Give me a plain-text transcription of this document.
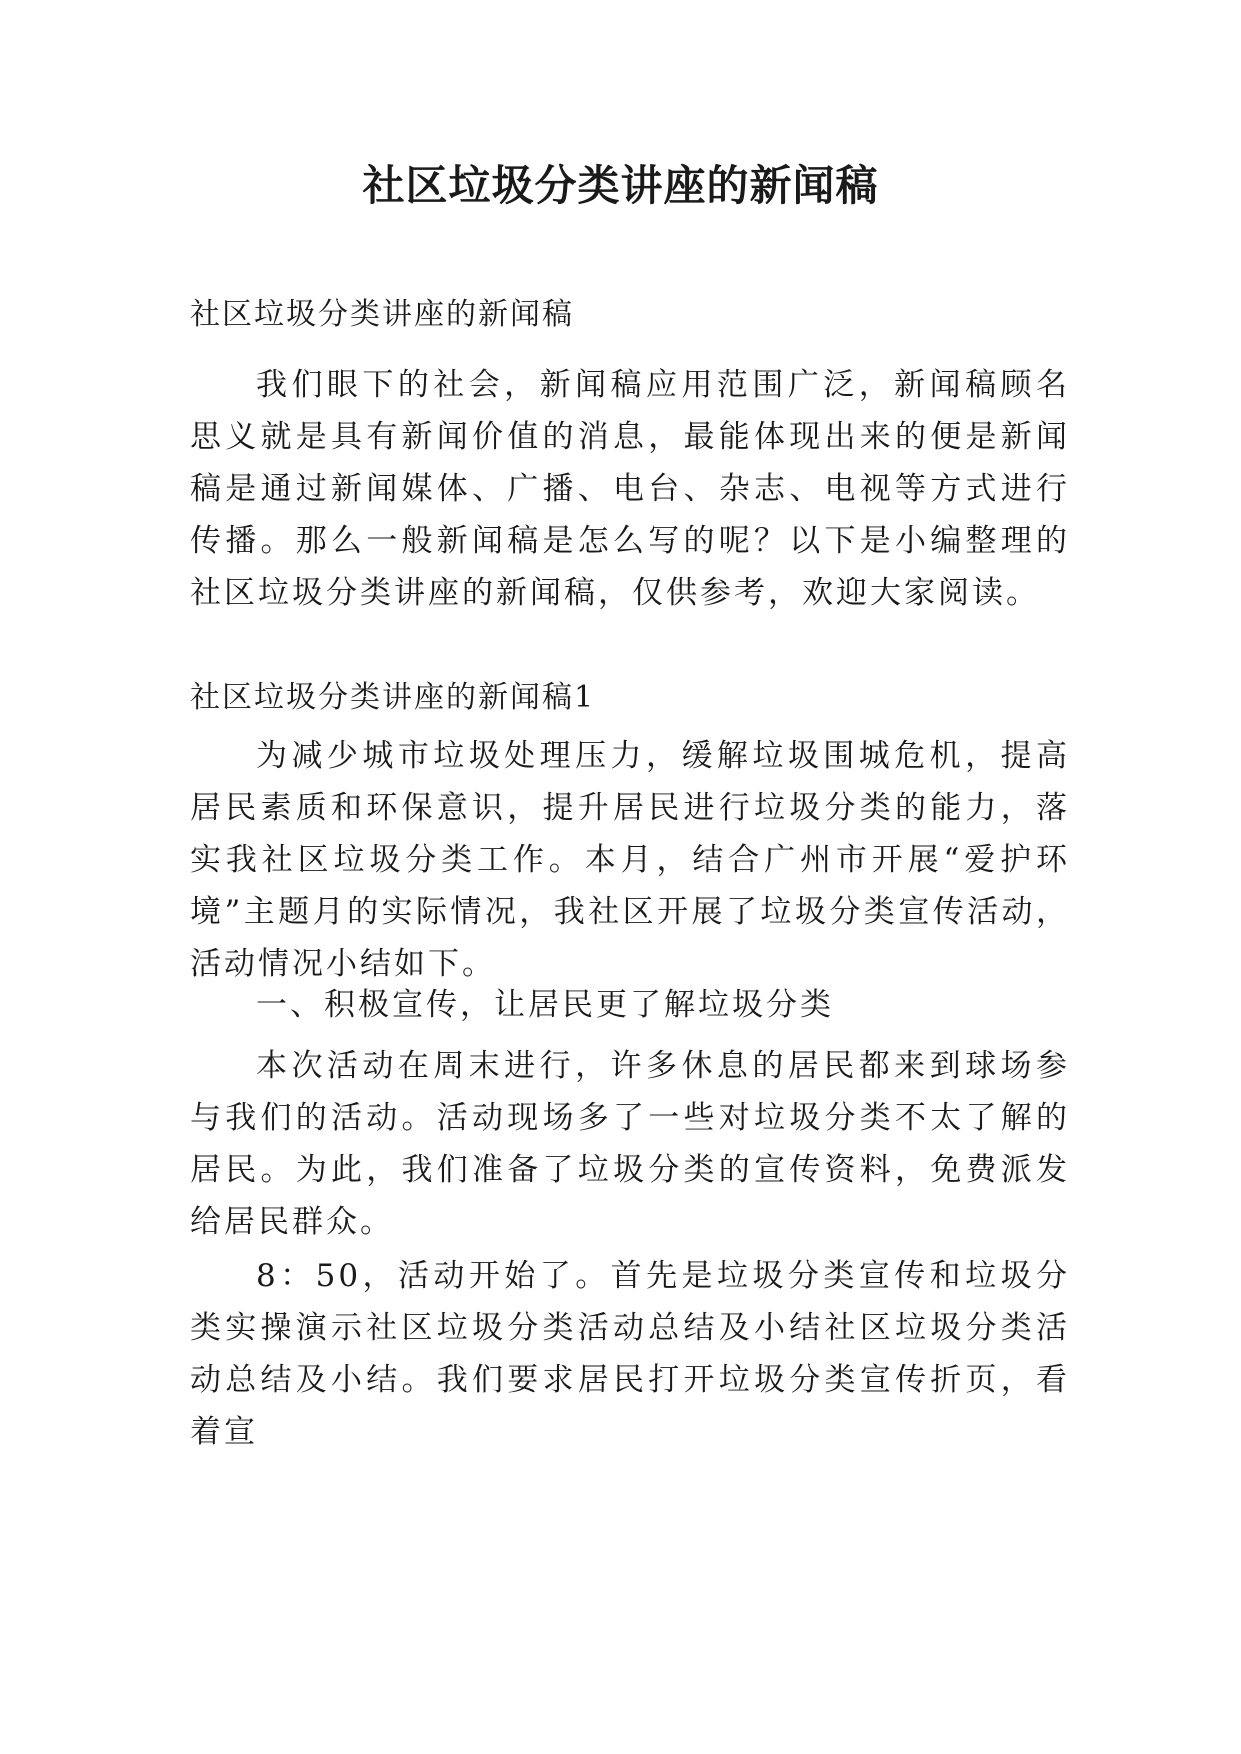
社区垃圾分类讲座的新闻稿

社区垃圾分类讲座的新闻稿

我们眼下的社会，新闻稿应用范围广泛，新闻稿顾名思义就是具有新闻价值的消息，最能体现出来的便是新闻稿是通过新闻媒体、广播、电台、杂志、电视等方式进行传播。那么一般新闻稿是怎么写的呢？以下是小编整理的社区垃圾分类讲座的新闻稿，仅供参考，欢迎大家阅读。

社区垃圾分类讲座的新闻稿1

为减少城市垃圾处理压力，缓解垃圾围城危机，提高居民素质和环保意识，提升居民进行垃圾分类的能力，落实我社区垃圾分类工作。本月，结合广州市开展“爱护环境”主题月的实际情况，我社区开展了垃圾分类宣传活动，活动情况小结如下。

一、积极宣传，让居民更了解垃圾分类

本次活动在周末进行，许多休息的居民都来到球场参与我们的活动。活动现场多了一些对垃圾分类不太了解的居民。为此，我们准备了垃圾分类的宣传资料，免费派发给居民群众。

8：50，活动开始了。首先是垃圾分类宣传和垃圾分类实操演示社区垃圾分类活动总结及小结社区垃圾分类活动总结及小结。我们要求居民打开垃圾分类宣传折页，看着宣
